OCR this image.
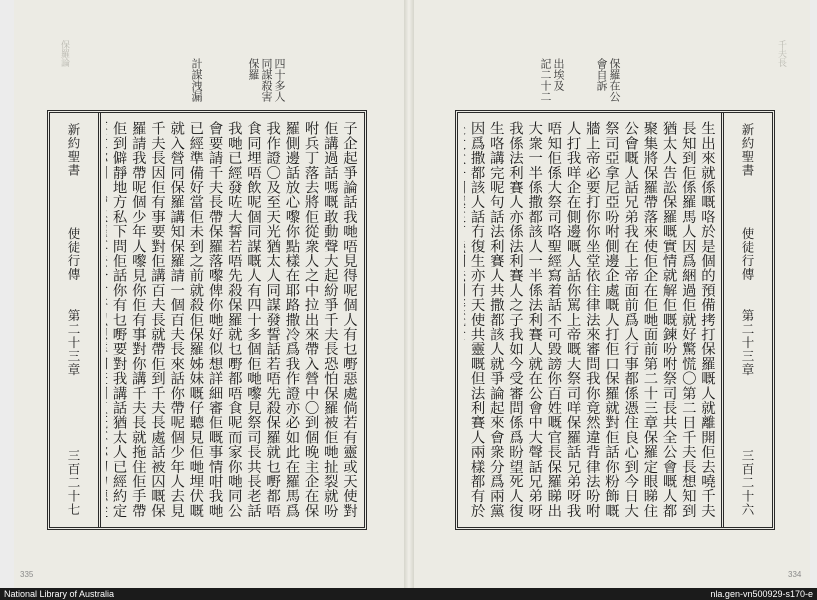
保羅論	千夫長
四十多人
同謀殺害
保羅
計謀洩漏	保羅在公
會自訴
出埃及
記二十二
新約聖書
使徒行傳
第二十三章
三百二十七
子企起爭論話我哋唔見得呢個人有乜嘢惡處倘若有靈或天使對佢講過話嗎嘅敢動聲大起紛爭千夫長恐怕保羅被佢哋扯裂就吩咐兵丁落去將佢從衆人之中拉出來帶入營中〇到個晚主企在保羅側邊話放心嚟你點樣在耶路撒冷爲我作證亦必如此在羅馬爲我作證〇及至天光猶太人同謀發誓話若唔先殺保羅就乜嘢都唔食同埋唔飲呢個同謀嘅人有四十多個佢哋嚟見祭司長共長老話我哋已經發咗大誓若唔先殺保羅就乜嘢都唔食呢而家你哋同公會要請千夫長帶保羅落嚟俾你哋好似想詳細審佢嘅事情咁我哋已經準備好當佢未到之前就殺佢保羅姊妹嘅仔聽見佢哋埋伏嘅就入營同保羅講知保羅請一個百夫長來話你帶呢個少年人去見千夫長因佢有事要對佢講百夫長就帶佢到千夫長處話被囚嘅保羅請我帶呢個少年人嚟見你佢有事對你講千夫長就拖住佢手帶佢到僻靜地方私下問佢話你有乜嘢要對我講話猶太人已經約定
生出來就係嘅咯於是個的預備拷打保羅嘅人就離開佢去嘵千夫長知到佢係羅馬人因爲綑過佢就好驚慌〇第二日千夫長想知到猶太人告訟保羅嘅實情就解佢嘅鍊吩咐祭司長共全公會嘅人都聚集將保羅帶落來使佢企在佢哋面前第二十三章保羅定眼睇住公會嘅人話兄弟我在上帝面前爲人行事都係憑住良心到今日大祭司亞拿尼亞吩咐側邊企處嘅人打佢口保羅就對佢話你粉飾嘅牆上帝必要打你你坐堂依住律法來審問我你竟然違背律法吩咐人打我咩企在側邊嘅人話你罵上帝嘅大祭司咩保羅話兄弟呀我唔知佢係大祭司咯聖經寫着話不可毀謗你百姓嘅官長保羅睇出大衆一半係撒都該人一半係法利賽人就在公會中大聲話兄弟呀我係法利賽人亦係法利賽人之子我如今受審問係爲盼望死人復生咯講完呢句話法利賽人共撒都該人就爭論起來會衆分爲兩黨因爲撒都該人話冇復生亦冇天使共靈嘅但法利賽人兩樣都有於
新約聖書
使徒行傳
第二十三章
三百二十六
335	334
National Library of Australia	nla.gen-vn500929-s170-e
